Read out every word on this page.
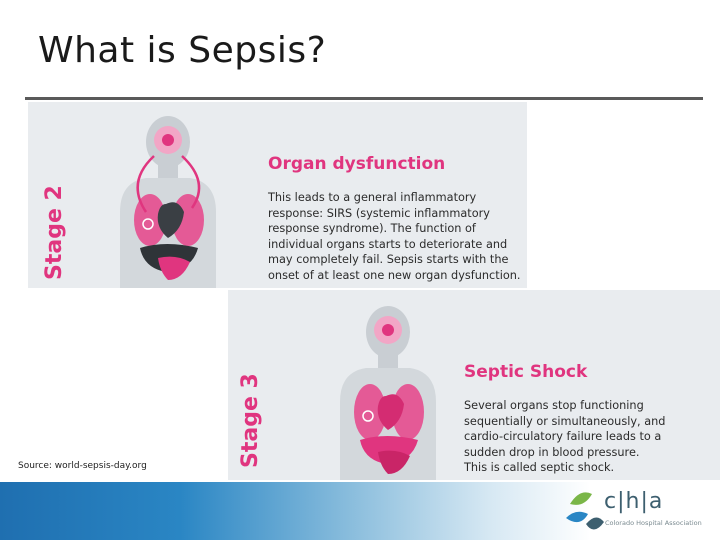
What is Sepsis?
Stage 2
Organ dysfunction
This leads to a general inflammatory
response: SIRS (systemic inflammatory
response syndrome). The function of
individual organs starts to deteriorate and
may completely fail. Sepsis starts with the
onset of at least one new organ dysfunction.
Stage 3
Septic Shock
Several organs stop functioning
sequentially or simultaneously, and
cardio-circulatory failure leads to a
sudden drop in blood pressure.
This is called septic shock.
Source: world-sepsis-day.org
c|h|a
Colorado Hospital Association
